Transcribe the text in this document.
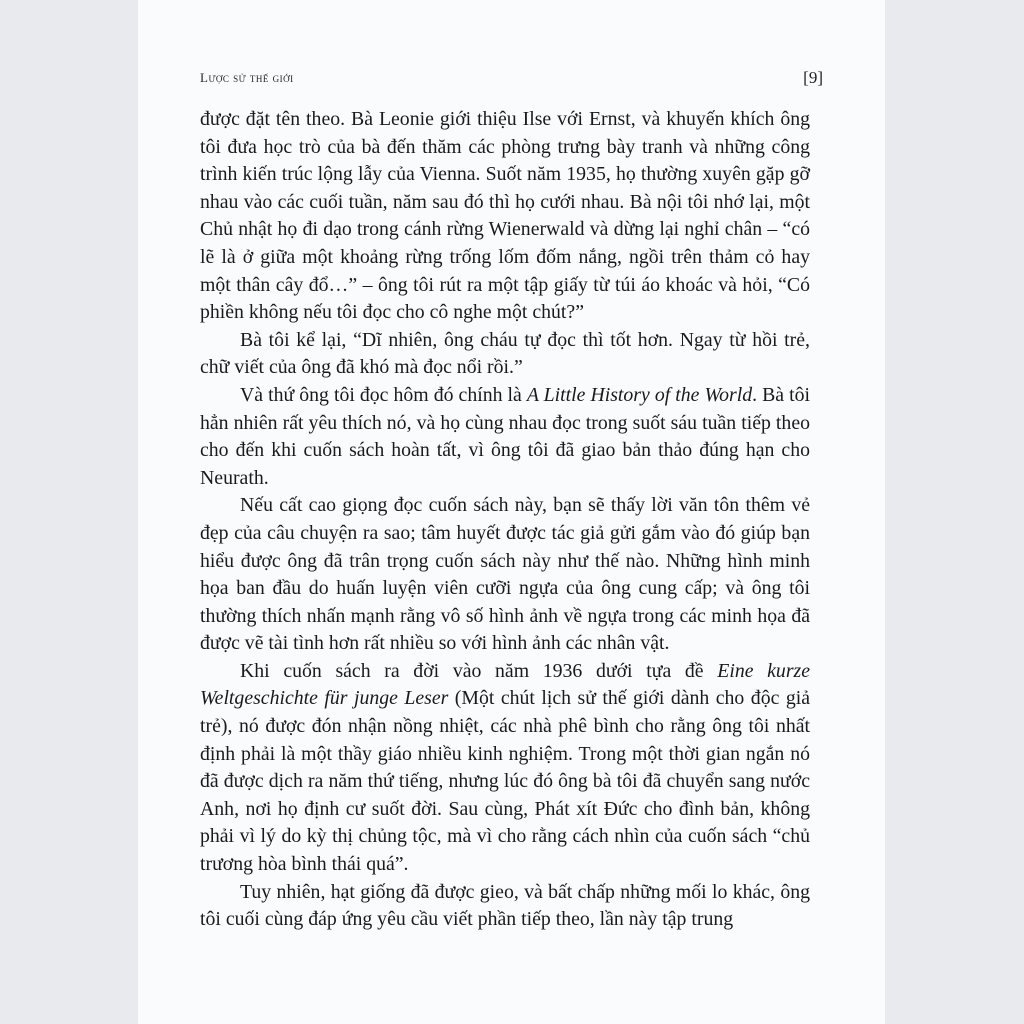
Lược sử thế giới	[9]

được đặt tên theo. Bà Leonie giới thiệu Ilse với Ernst, và khuyến khích ông tôi đưa học trò của bà đến thăm các phòng trưng bày tranh và những công trình kiến trúc lộng lẫy của Vienna. Suốt năm 1935, họ thường xuyên gặp gỡ nhau vào các cuối tuần, năm sau đó thì họ cưới nhau. Bà nội tôi nhớ lại, một Chủ nhật họ đi dạo trong cánh rừng Wienerwald và dừng lại nghỉ chân – “có lẽ là ở giữa một khoảng rừng trống lốm đốm nắng, ngồi trên thảm cỏ hay một thân cây đổ…” – ông tôi rút ra một tập giấy từ túi áo khoác và hỏi, “Có phiền không nếu tôi đọc cho cô nghe một chút?”

Bà tôi kể lại, “Dĩ nhiên, ông cháu tự đọc thì tốt hơn. Ngay từ hồi trẻ, chữ viết của ông đã khó mà đọc nổi rồi.”

Và thứ ông tôi đọc hôm đó chính là A Little History of the World. Bà tôi hẳn nhiên rất yêu thích nó, và họ cùng nhau đọc trong suốt sáu tuần tiếp theo cho đến khi cuốn sách hoàn tất, vì ông tôi đã giao bản thảo đúng hạn cho Neurath.

Nếu cất cao giọng đọc cuốn sách này, bạn sẽ thấy lời văn tôn thêm vẻ đẹp của câu chuyện ra sao; tâm huyết được tác giả gửi gắm vào đó giúp bạn hiểu được ông đã trân trọng cuốn sách này như thế nào. Những hình minh họa ban đầu do huấn luyện viên cưỡi ngựa của ông cung cấp; và ông tôi thường thích nhấn mạnh rằng vô số hình ảnh về ngựa trong các minh họa đã được vẽ tài tình hơn rất nhiều so với hình ảnh các nhân vật.

Khi cuốn sách ra đời vào năm 1936 dưới tựa đề Eine kurze Weltgeschichte für junge Leser (Một chút lịch sử thế giới dành cho độc giả trẻ), nó được đón nhận nồng nhiệt, các nhà phê bình cho rằng ông tôi nhất định phải là một thầy giáo nhiều kinh nghiệm. Trong một thời gian ngắn nó đã được dịch ra năm thứ tiếng, nhưng lúc đó ông bà tôi đã chuyển sang nước Anh, nơi họ định cư suốt đời. Sau cùng, Phát xít Đức cho đình bản, không phải vì lý do kỳ thị chủng tộc, mà vì cho rằng cách nhìn của cuốn sách “chủ trương hòa bình thái quá”.

Tuy nhiên, hạt giống đã được gieo, và bất chấp những mối lo khác, ông tôi cuối cùng đáp ứng yêu cầu viết phần tiếp theo, lần này tập trung
